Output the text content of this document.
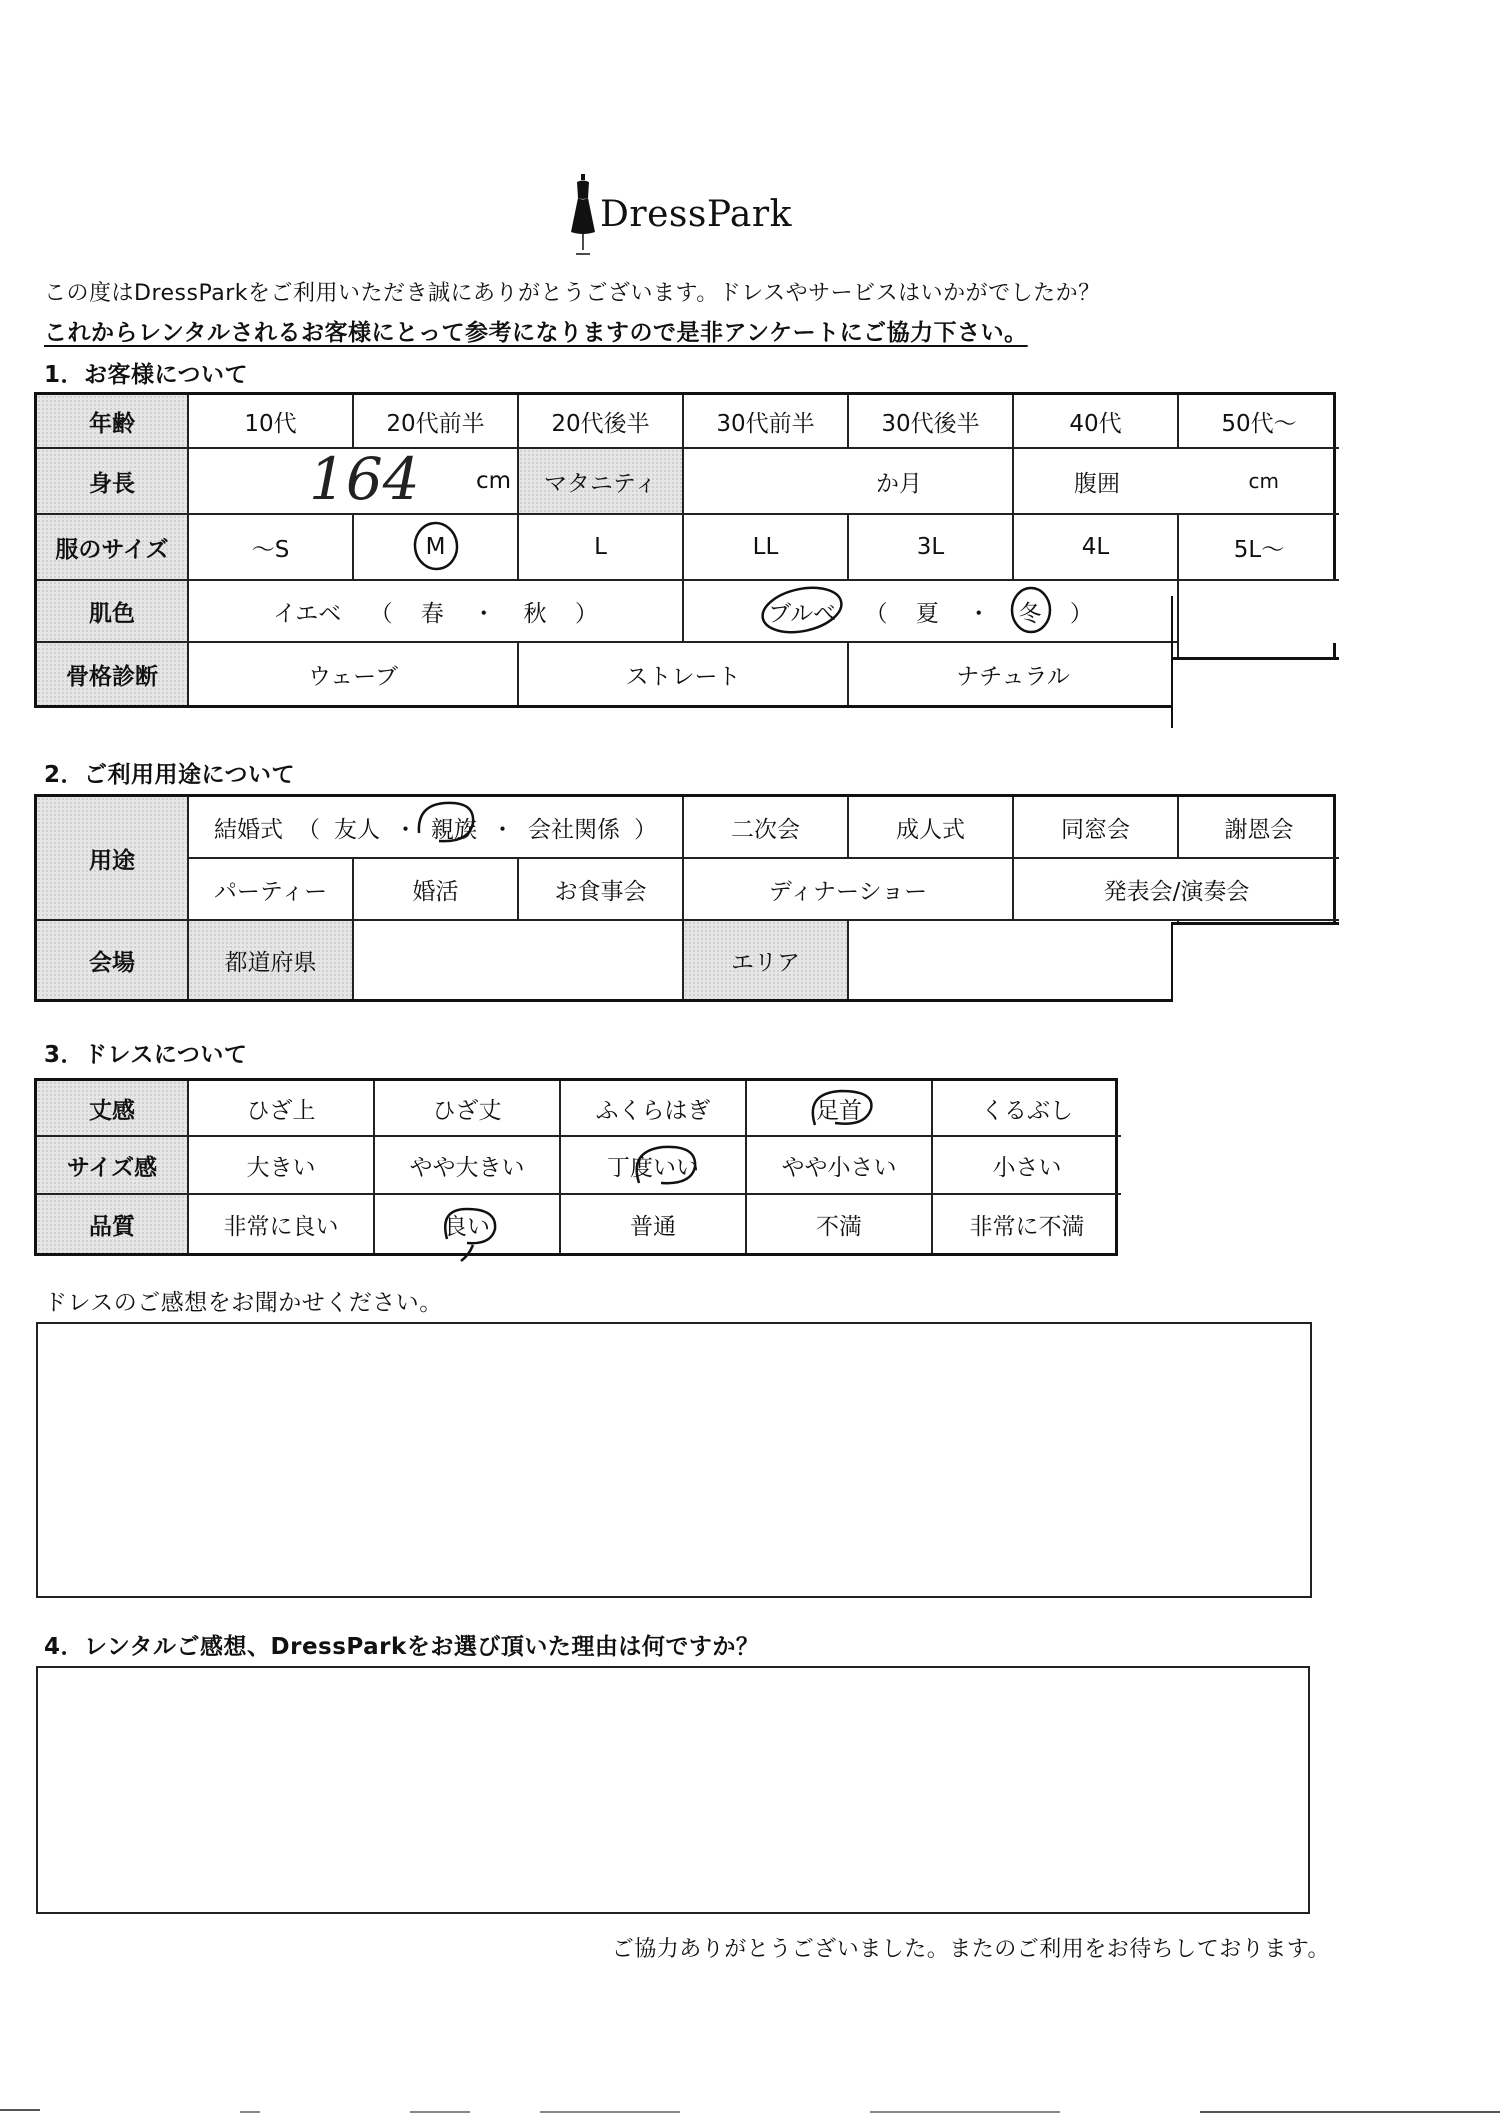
DressPark
この度はDressParkをご利用いただき誠にありがとうございます。ドレスやサービスはいかがでしたか？
これからレンタルされるお客様にとって参考になりますので是非アンケートにご協力下さい。
1．お客様について
年齢	10代	20代前半	20代後半	30代前半	30代後半	40代	50代～
身長	164 cm	マタニティ	か月	腹囲	cm
服のサイズ	～S	M	L	LL	3L	4L	5L～
肌色	イエベ （ 春 ・ 秋 ）	ブルべ （ 夏 ・ 冬 ）
骨格診断	ウェーブ	ストレート	ナチュラル
2．ご利用用途について
用途
結婚式 （ 友人 ・ 親族 ・ 会社関係 ）	二次会	成人式	同窓会	謝恩会
パーティー	婚活	お食事会	ディナーショー	発表会/演奏会
会場	都道府県	エリア
3．ドレスについて
丈感	ひざ上	ひざ丈	ふくらはぎ	足首	くるぶし
サイズ感	大きい	やや大きい	丁度いい	やや小さい	小さい
品質	非常に良い	良い	普通	不満	非常に不満
ドレスのご感想をお聞かせください。
4．レンタルご感想、DressParkをお選び頂いた理由は何ですか？
ご協力ありがとうございました。またのご利用をお待ちしております。
